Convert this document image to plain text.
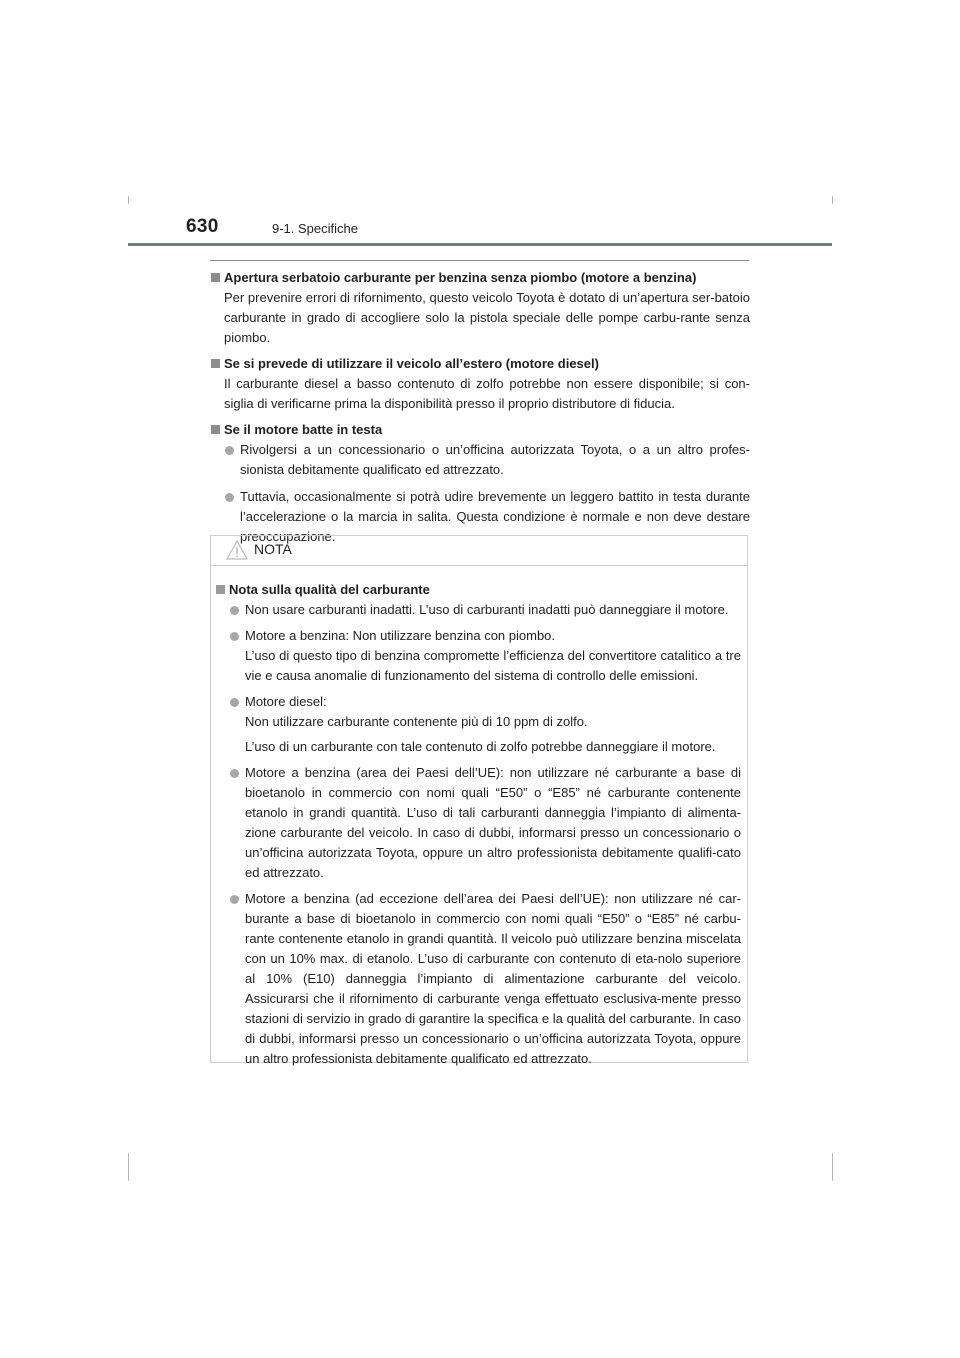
630	9-1. Specifiche
Apertura serbatoio carburante per benzina senza piombo (motore a benzina)
Per prevenire errori di rifornimento, questo veicolo Toyota è dotato di un’apertura ser-batoio carburante in grado di accogliere solo la pistola speciale delle pompe carbu-rante senza piombo.
Se si prevede di utilizzare il veicolo all’estero (motore diesel)
Il carburante diesel a basso contenuto di zolfo potrebbe non essere disponibile; si con-siglia di verificarne prima la disponibilità presso il proprio distributore di fiducia.
Se il motore batte in testa
Rivolgersi a un concessionario o un’officina autorizzata Toyota, o a un altro profes-sionista debitamente qualificato ed attrezzato.
Tuttavia, occasionalmente si potrà udire brevemente un leggero battito in testa durante l’accelerazione o la marcia in salita. Questa condizione è normale e non deve destare preoccupazione.
NOTA
Nota sulla qualità del carburante
Non usare carburanti inadatti. L’uso di carburanti inadatti può danneggiare il motore.
Motore a benzina: Non utilizzare benzina con piombo.
L’uso di questo tipo di benzina compromette l’efficienza del convertitore catalitico a tre vie e causa anomalie di funzionamento del sistema di controllo delle emissioni.
Motore diesel:
Non utilizzare carburante contenente più di 10 ppm di zolfo.
L’uso di un carburante con tale contenuto di zolfo potrebbe danneggiare il motore.
Motore a benzina (area dei Paesi dell’UE): non utilizzare né carburante a base di bioetanolo in commercio con nomi quali “E50” o “E85” né carburante contenente etanolo in grandi quantità. L’uso di tali carburanti danneggia l’impianto di alimenta-zione carburante del veicolo. In caso di dubbi, informarsi presso un concessionario o un’officina autorizzata Toyota, oppure un altro professionista debitamente qualifi-cato ed attrezzato.
Motore a benzina (ad eccezione dell’area dei Paesi dell’UE): non utilizzare né car-burante a base di bioetanolo in commercio con nomi quali “E50” o “E85” né carbu-rante contenente etanolo in grandi quantità. Il veicolo può utilizzare benzina miscelata con un 10% max. di etanolo. L’uso di carburante con contenuto di eta-nolo superiore al 10% (E10) danneggia l’impianto di alimentazione carburante del veicolo. Assicurarsi che il rifornimento di carburante venga effettuato esclusiva-mente presso stazioni di servizio in grado di garantire la specifica e la qualità del carburante. In caso di dubbi, informarsi presso un concessionario o un’officina autorizzata Toyota, oppure un altro professionista debitamente qualificato ed attrezzato.
